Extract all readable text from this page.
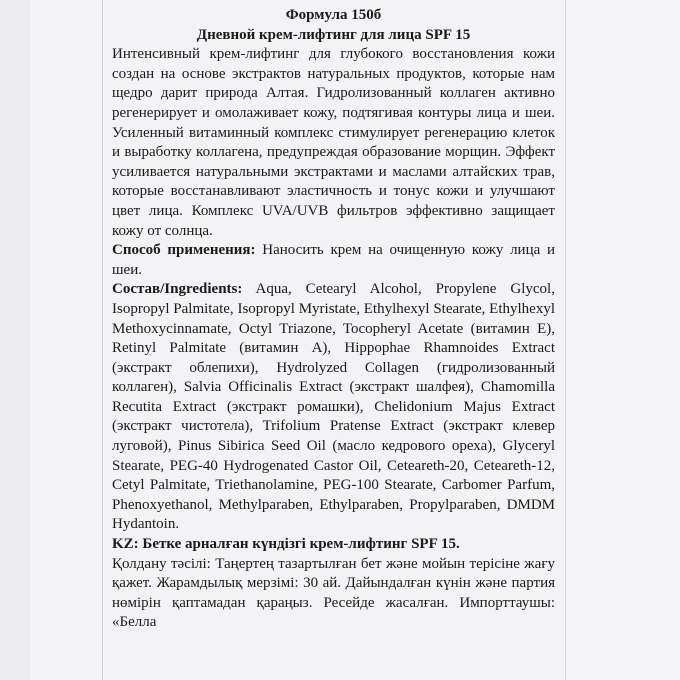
Формула 150б

Дневной крем-лифтинг для лица SPF 15

Интенсивный крем-лифтинг для глубокого восстановления кожи создан на основе экстрактов натуральных продуктов, которые нам щедро дарит природа Алтая. Гидролизованный коллаген активно регенерирует и омолаживает кожу, подтягивая контуры лица и шеи. Усиленный витаминный комплекс стимулирует регенерацию клеток и выработку коллагена, предупреждая образование морщин. Эффект усиливается натуральными экстрактами и маслами алтайских трав, которые восстанавливают эластичность и тонус кожи и улучшают цвет лица. Комплекс UVA/UVB фильтров эффективно защищает кожу от солнца.

Способ применения: Наносить крем на очищенную кожу лица и шеи.

Состав/Ingredients: Aqua, Cetearyl Alcohol, Propylene Glycol, Isopropyl Palmitate, Isopropyl Myristate, Ethylhexyl Stearate, Ethylhexyl Methoxycinnamate, Octyl Triazone, Tocopheryl Acetate (витамин Е), Retinyl Palmitate (витамин А), Hippophae Rhamnoides Extract (экстракт облепихи), Hydrolyzed Collagen (гидролизованный коллаген), Salvia Officinalis Extract (экстракт шалфея), Chamomilla Recutita Extract (экстракт ромашки), Chelidonium Majus Extract (экстракт чистотела), Trifolium Pratense Extract (экстракт клевер луговой), Pinus Sibirica Seed Oil (масло кедрового ореха), Glyceryl Stearate, PEG-40 Hydrogenated Castor Oil, Ceteareth-20, Ceteareth-12, Cetyl Palmitate, Triethanolamine, PEG-100 Stearate, Carbomer Parfum, Phenoxyethanol, Methylparaben, Ethylparaben, Propylparaben, DMDM Hydantoin.

KZ: Бетке арналған күндізгі крем-лифтинг SPF 15.

Қолдану тәсілі: Таңертең тазартылған бет және мойын терісіне жағу қажет. Жарамдылық мерзімі: 30 ай. Дайындалған күнін және партия нөмірін қаптамадан қараңыз. Ресейде жасалған. Импорттаушы: «Белла
